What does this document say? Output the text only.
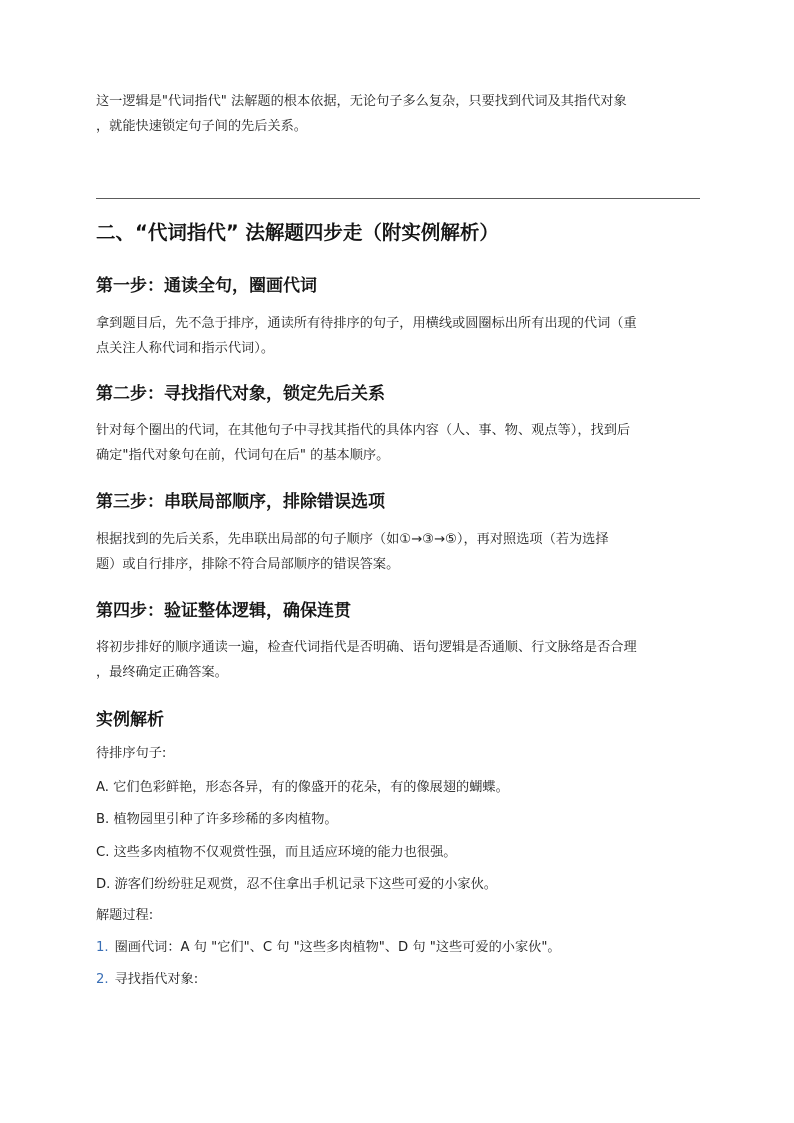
这一逻辑是"代词指代" 法解题的根本依据，无论句子多么复杂，只要找到代词及其指代对象

，就能快速锁定句子间的先后关系。

二、“代词指代” 法解题四步走（附实例解析）
第一步：通读全句，圈画代词

拿到题目后，先不急于排序，通读所有待排序的句子，用横线或圆圈标出所有出现的代词（重

点关注人称代词和指示代词）。

第二步：寻找指代对象，锁定先后关系

针对每个圈出的代词，在其他句子中寻找其指代的具体内容（人、事、物、观点等），找到后

确定"指代对象句在前，代词句在后" 的基本顺序。

第三步：串联局部顺序，排除错误选项

根据找到的先后关系，先串联出局部的句子顺序（如①→③→⑤），再对照选项（若为选择

题）或自行排序，排除不符合局部顺序的错误答案。

第四步：验证整体逻辑，确保连贯

将初步排好的顺序通读一遍，检查代词指代是否明确、语句逻辑是否通顺、行文脉络是否合理

，最终确定正确答案。

实例解析
待排序句子:
A. 它们色彩鲜艳，形态各异，有的像盛开的花朵，有的像展翅的蝴蝶。
B. 植物园里引种了许多珍稀的多肉植物。
C. 这些多肉植物不仅观赏性强，而且适应环境的能力也很强。
D. 游客们纷纷驻足观赏，忍不住拿出手机记录下这些可爱的小家伙。
解题过程:
1. 圈画代词：A 句 "它们"、C 句 "这些多肉植物"、D 句 "这些可爱的小家伙"。
2. 寻找指代对象:
